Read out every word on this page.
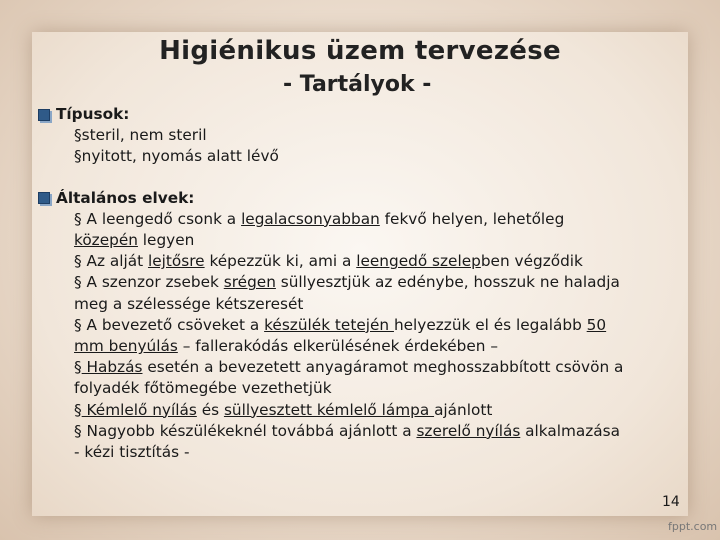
Higiénikus üzem tervezése
- Tartályok -
Típusok:
§steril, nem steril
§nyitott, nyomás alatt lévő
Általános elvek:
§ A leengedő csonk a legalacsonyabban fekvő helyen, lehetőleg
közepén legyen
§ Az alját lejtősre képezzük ki, ami a leengedő szelepben végződik
§ A szenzor zsebek srégen süllyesztjük az edénybe, hosszuk ne haladja
meg a szélessége kétszeresét
§ A bevezető csöveket a készülék tetején helyezzük el és legalább 50
mm benyúlás – fallerakódás elkerülésének érdekében –
§ Habzás esetén a bevezetett anyagáramot meghosszabbított csövön a
folyadék főtömegébe vezethetjük
§ Kémlelő nyílás és süllyesztett kémlelő lámpa ajánlott
§ Nagyobb készülékeknél továbbá ajánlott a szerelő nyílás alkalmazása
- kézi tisztítás -
14
fppt.com
